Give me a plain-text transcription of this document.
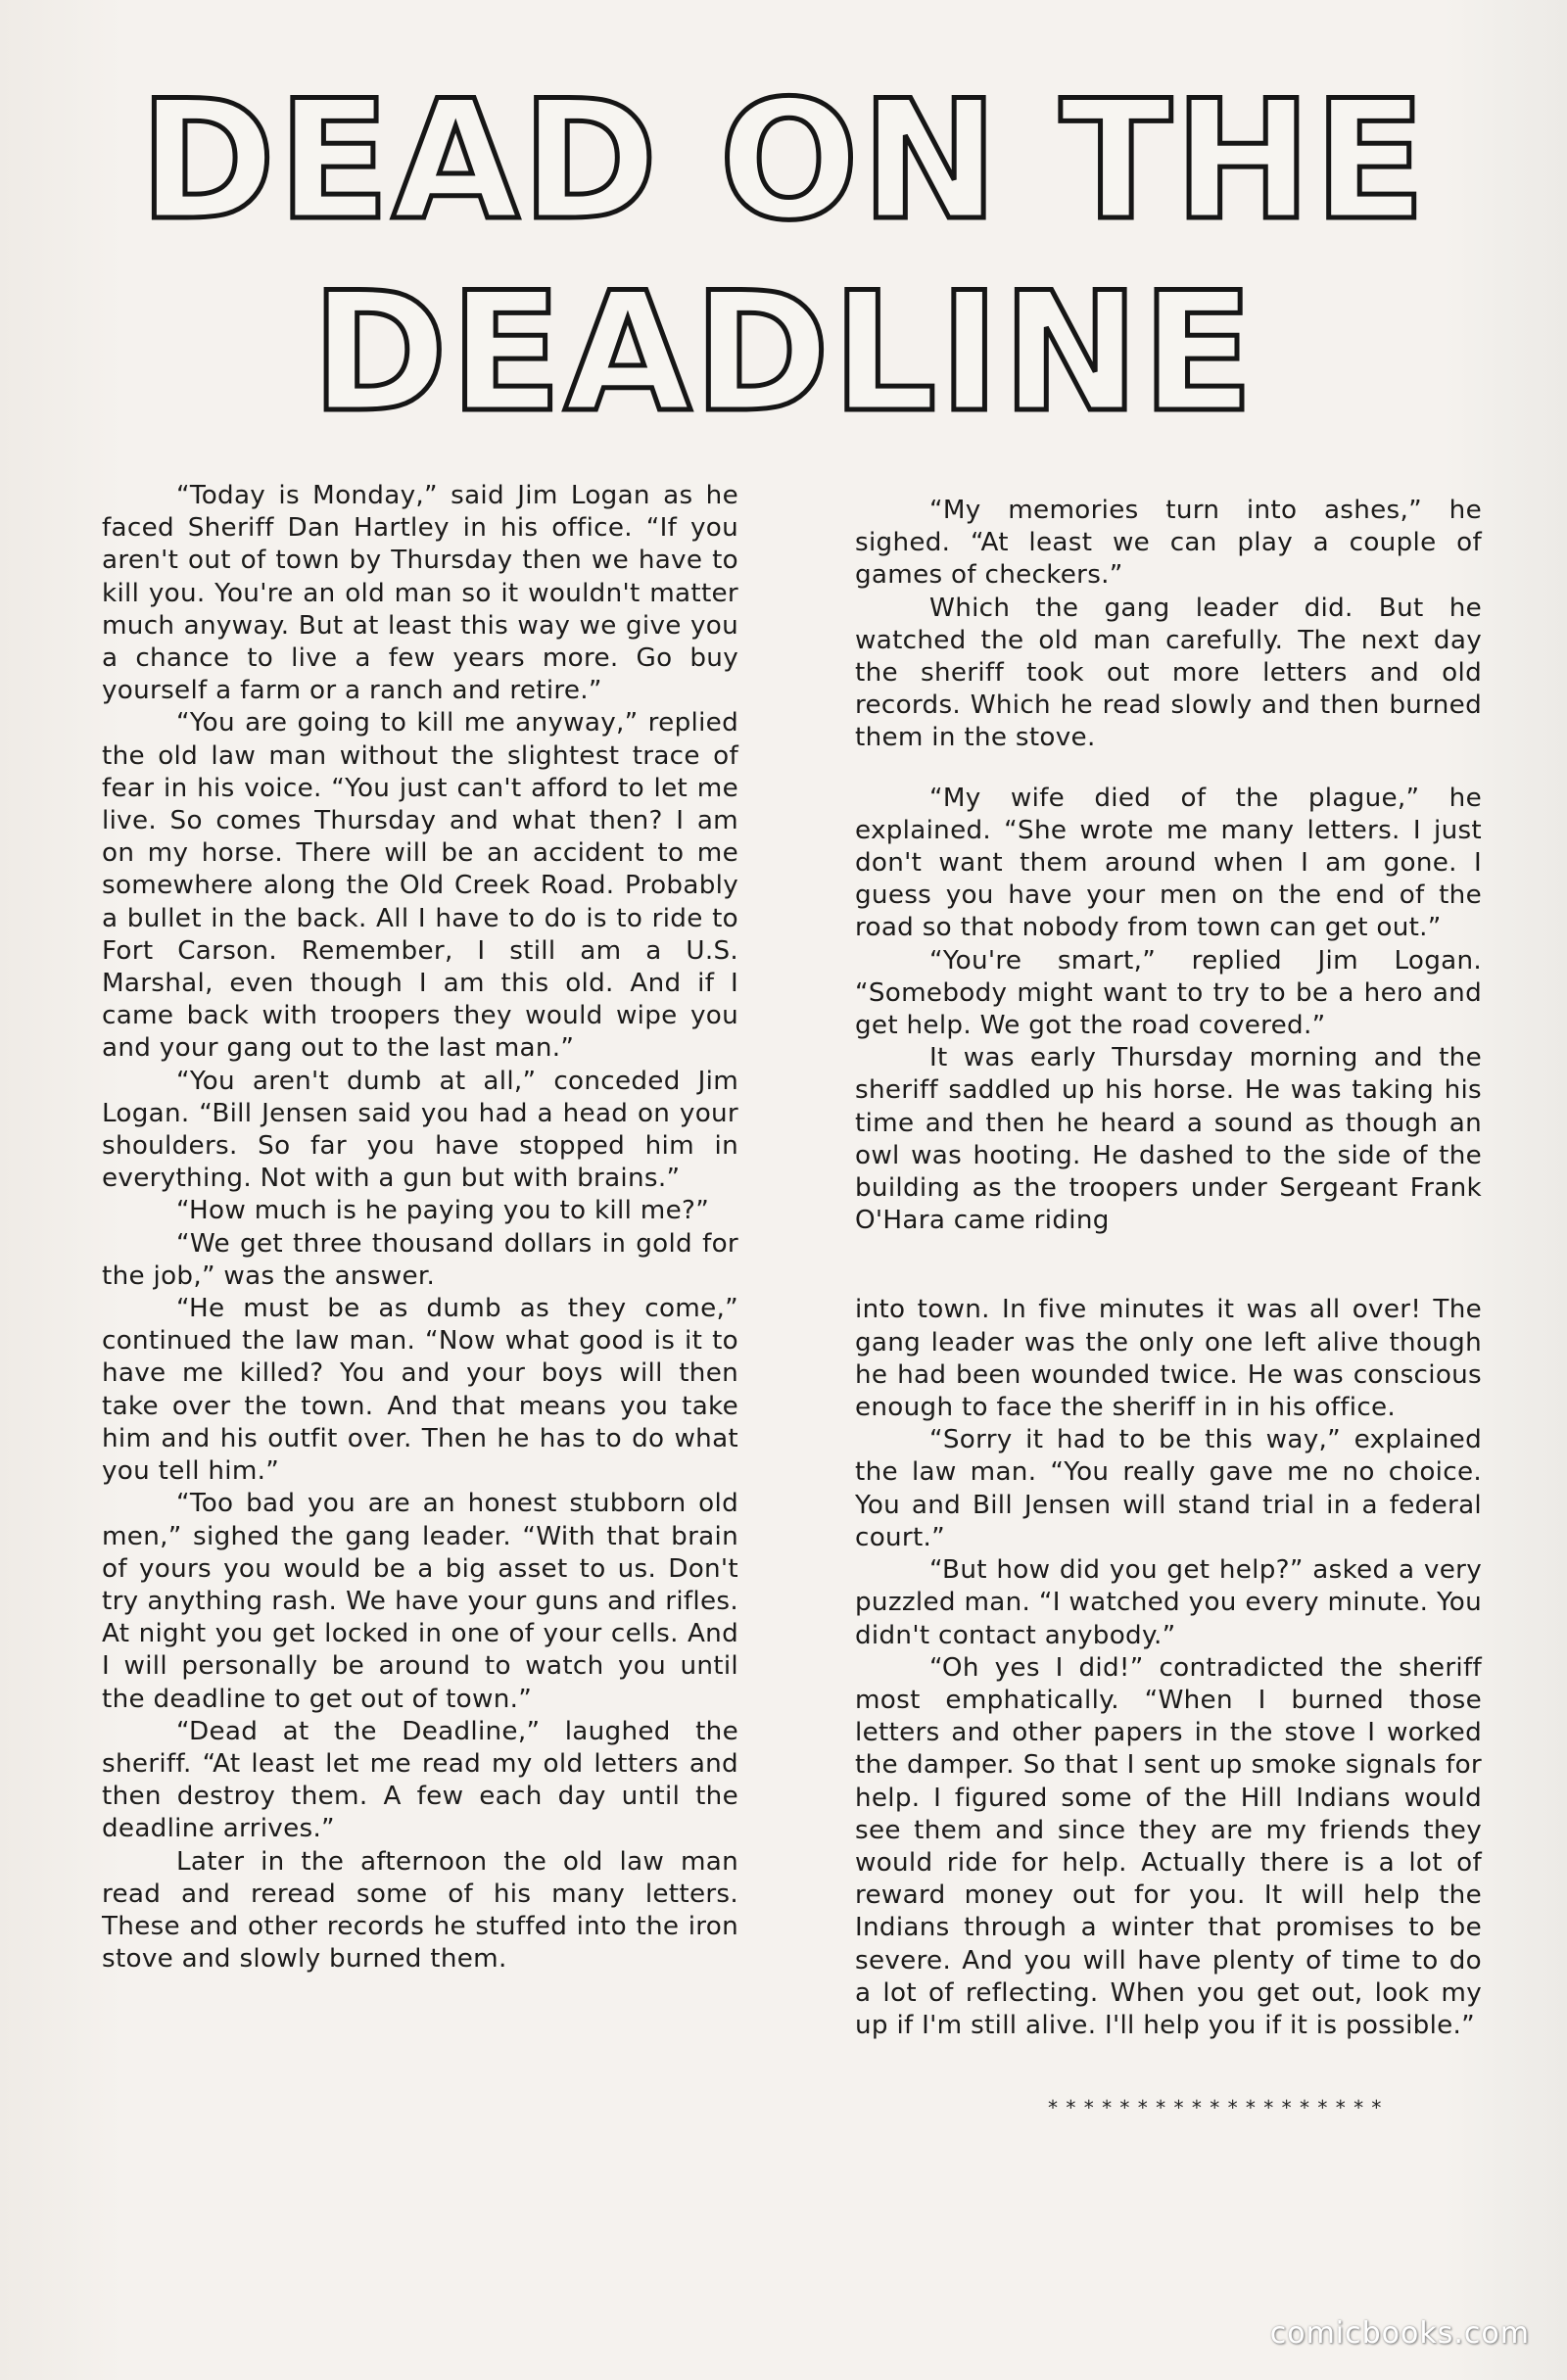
DEAD ON THE
DEADLINE

“Today is Monday,” said Jim Logan as he faced Sheriff Dan Hartley in his office. “If you aren't out of town by Thursday then we have to kill you. You're an old man so it wouldn't matter much anyway. But at least this way we give you a chance to live a few years more. Go buy yourself a farm or a ranch and retire.”

“You are going to kill me anyway,” replied the old law man without the slightest trace of fear in his voice. “You just can't afford to let me live. So comes Thursday and what then? I am on my horse. There will be an accident to me somewhere along the Old Creek Road. Probably a bullet in the back. All I have to do is to ride to Fort Carson. Remember, I still am a U.S. Marshal, even though I am this old. And if I came back with troopers they would wipe you and your gang out to the last man.”

“You aren't dumb at all,” conceded Jim Logan. “Bill Jensen said you had a head on your shoulders. So far you have stopped him in everything. Not with a gun but with brains.”

“How much is he paying you to kill me?”

“We get three thousand dollars in gold for the job,” was the answer.

“He must be as dumb as they come,” continued the law man. “Now what good is it to have me killed? You and your boys will then take over the town. And that means you take him and his outfit over. Then he has to do what you tell him.”

“Too bad you are an honest stubborn old men,” sighed the gang leader. “With that brain of yours you would be a big asset to us. Don't try anything rash. We have your guns and rifles. At night you get locked in one of your cells. And I will personally be around to watch you until the deadline to get out of town.”

“Dead at the Deadline,” laughed the sheriff. “At least let me read my old letters and then destroy them. A few each day until the deadline arrives.”

Later in the afternoon the old law man read and reread some of his many letters. These and other records he stuffed into the iron stove and slowly burned them.

“My memories turn into ashes,” he sighed. “At least we can play a couple of games of checkers.”

Which the gang leader did. But he watched the old man carefully. The next day the sheriff took out more letters and old records. Which he read slowly and then burned them in the stove.

“My wife died of the plague,” he explained. “She wrote me many letters. I just don't want them around when I am gone. I guess you have your men on the end of the road so that nobody from town can get out.”

“You're smart,” replied Jim Logan. “Somebody might want to try to be a hero and get help. We got the road covered.”

It was early Thursday morning and the sheriff saddled up his horse. He was taking his time and then he heard a sound as though an owl was hooting. He dashed to the side of the building as the troopers under Sergeant Frank O'Hara came riding

into town. In five minutes it was all over! The gang leader was the only one left alive though he had been wounded twice. He was conscious enough to face the sheriff in in his office.

“Sorry it had to be this way,” explained the law man. “You really gave me no choice. You and Bill Jensen will stand trial in a federal court.”

“But how did you get help?” asked a very puzzled man. “I watched you every minute. You didn't contact anybody.”

“Oh yes I did!” contradicted the sheriff most emphatically. “When I burned those letters and other papers in the stove I worked the damper. So that I sent up smoke signals for help. I figured some of the Hill Indians would see them and since they are my friends they would ride for help. Actually there is a lot of reward money out for you. It will help the Indians through a winter that promises to be severe. And you will have plenty of time to do a lot of reflecting. When you get out, look my up if I'm still alive. I'll help you if it is possible.”

* * * * * * * * * * * * * * * * * * *
comicbooks.com
